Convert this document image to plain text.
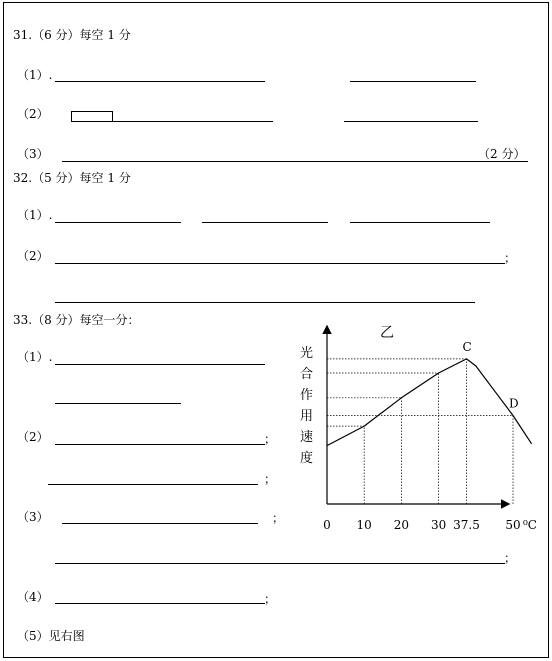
31.（6 分）每空 1 分
（1）.
（2）
（3）	（2 分）
32.（5 分）每空 1 分
（1）.
（2）	；
33.（8 分）每空一分：
（1）.
（2）	；
；
（3）	；
；
（4）	；
（5）见右图
乙
光
合
作
用
速
度
C
D
0 10 20 30 37.5 50 ⁰C
